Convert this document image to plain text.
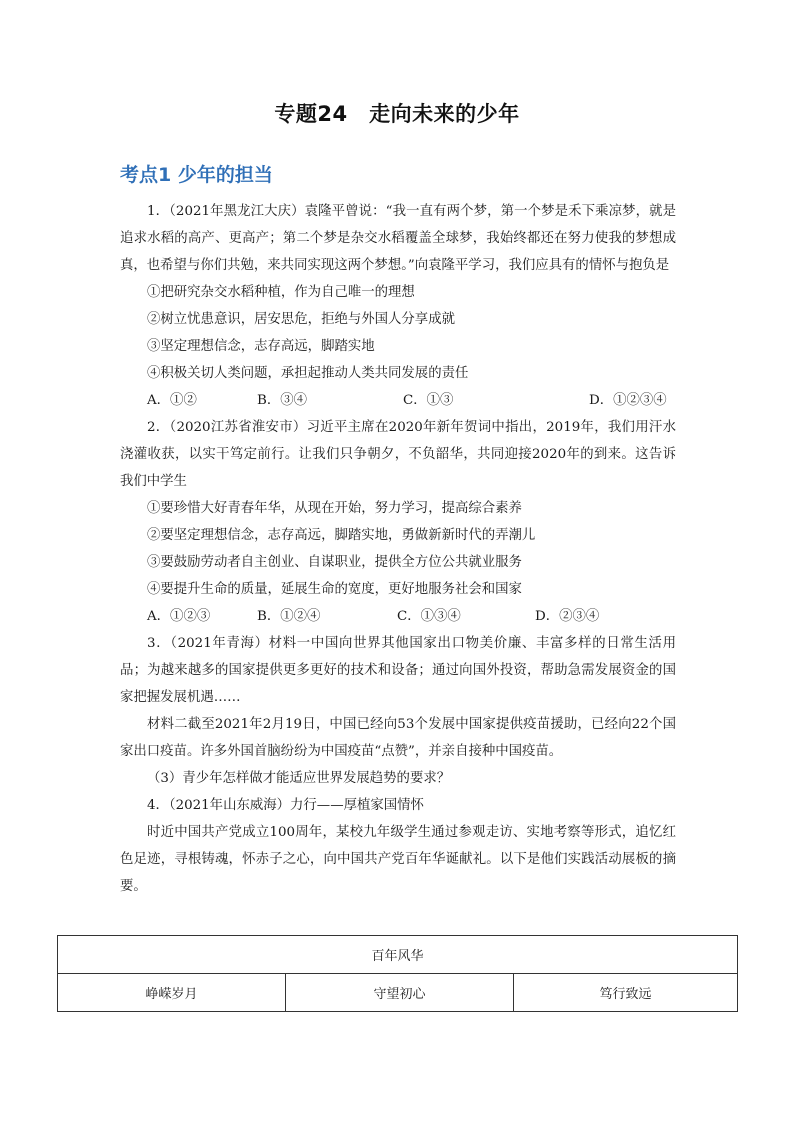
专题24　走向未来的少年
考点1 少年的担当

1．（2021年黑龙江大庆）袁隆平曾说：“我一直有两个梦，第一个梦是禾下乘凉梦，就是追求水稻的高产、更高产；第二个梦是杂交水稻覆盖全球梦，我始终都还在努力使我的梦想成真，也希望与你们共勉，来共同实现这两个梦想。”向袁隆平学习，我们应具有的情怀与抱负是

①把研究杂交水稻种植，作为自己唯一的理想

②树立忧患意识，居安思危，拒绝与外国人分享成就

③坚定理想信念，志存高远，脚踏实地

④积极关切人类问题，承担起推动人类共同发展的责任

A．①②	B．③④	C．①③	D．①②③④

2．（2020江苏省淮安市）习近平主席在2020年新年贺词中指出，2019年，我们用汗水浇灌收获，以实干笃定前行。让我们只争朝夕，不负韶华，共同迎接2020年的到来。这告诉我们中学生

①要珍惜大好青春年华，从现在开始，努力学习，提高综合素养

②要坚定理想信念，志存高远，脚踏实地，勇做新新时代的弄潮儿

③要鼓励劳动者自主创业、自谋职业，提供全方位公共就业服务

④要提升生命的质量，延展生命的宽度，更好地服务社会和国家

A．①②③	B．①②④	C．①③④	D．②③④

3．（2021年青海）材料一中国向世界其他国家出口物美价廉、丰富多样的日常生活用品；为越来越多的国家提供更多更好的技术和设备；通过向国外投资，帮助急需发展资金的国家把握发展机遇……

材料二截至2021年2月19日，中国已经向53个发展中国家提供疫苗援助，已经向22个国家出口疫苗。许多外国首脑纷纷为中国疫苗“点赞”，并亲自接种中国疫苗。

（3）青少年怎样做才能适应世界发展趋势的要求？

4．（2021年山东威海）力行——厚植家国情怀

时近中国共产党成立100周年，某校九年级学生通过参观走访、实地考察等形式，追忆红色足迹，寻根铸魂，怀赤子之心，向中国共产党百年华诞献礼。以下是他们实践活动展板的摘要。

百年风华
峥嵘岁月	守望初心	笃行致远
